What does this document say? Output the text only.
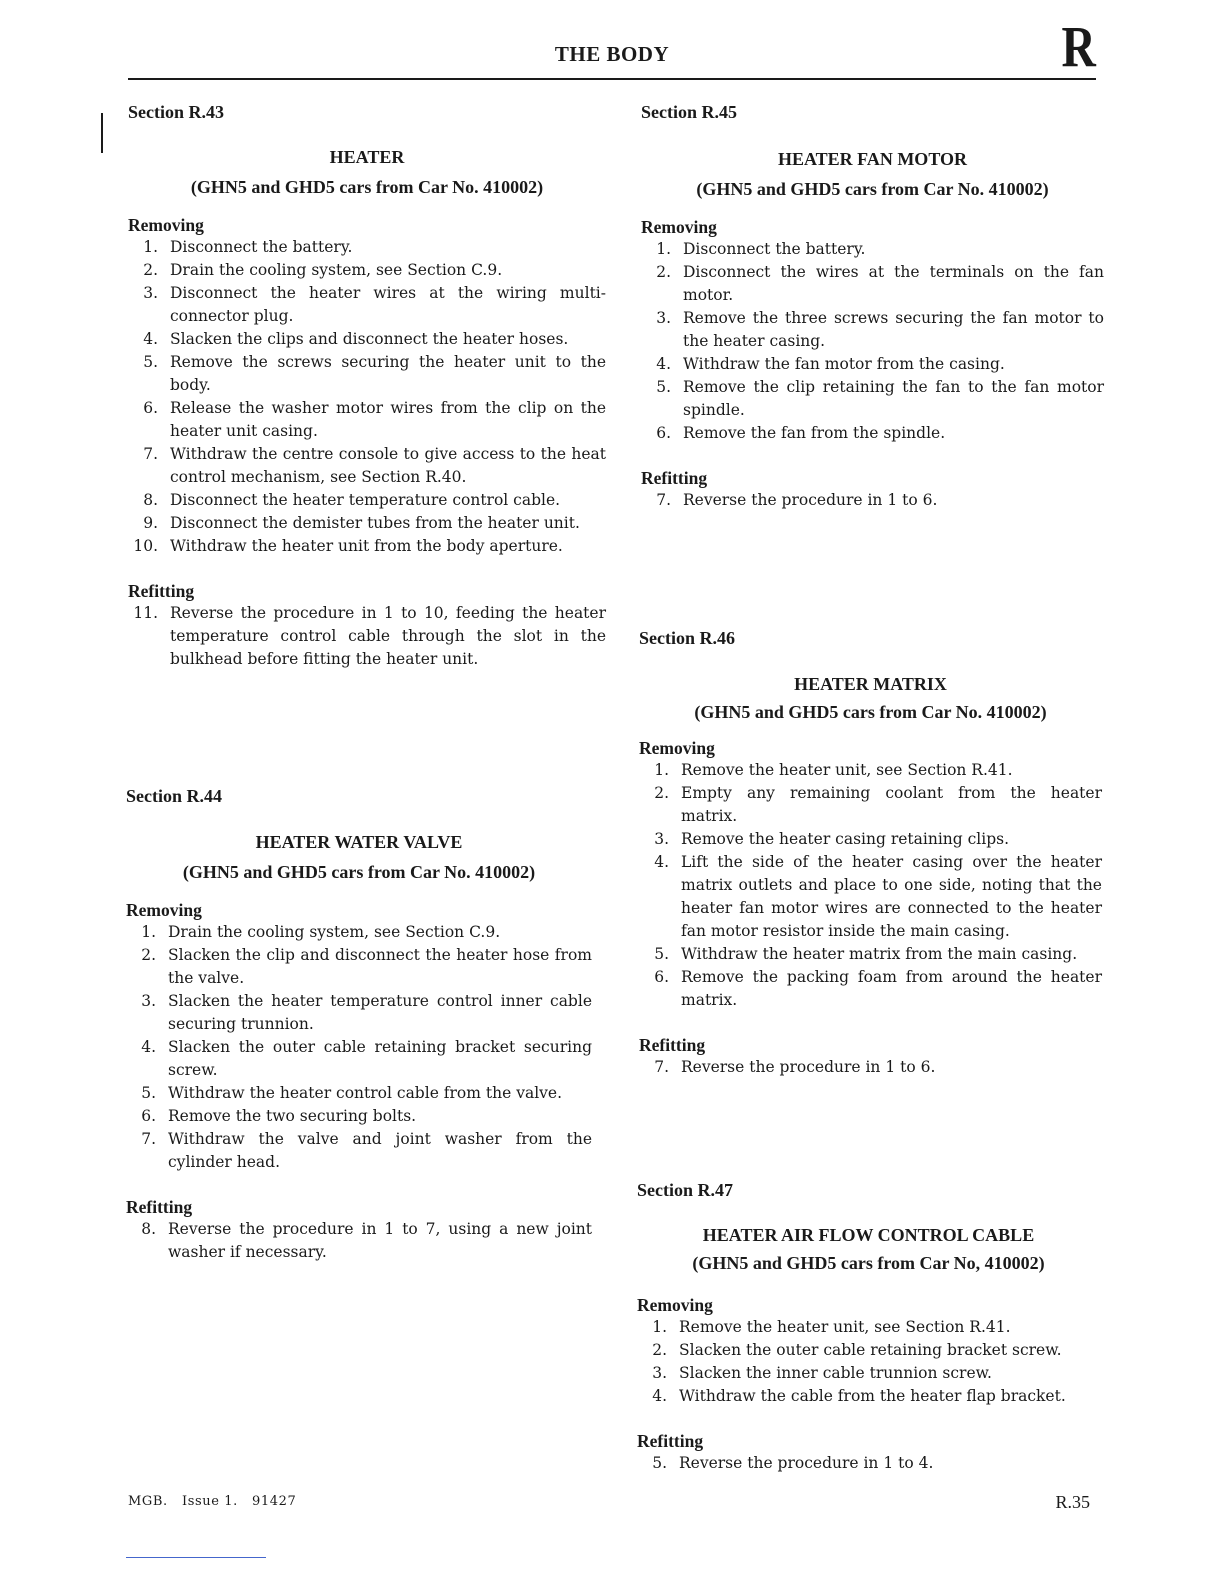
THE BODY	R
Section R.43
HEATER
(GHN5 and GHD5 cars from Car No. 410002)
Removing
1. Disconnect the battery.
2. Drain the cooling system, see Section C.9.
3. Disconnect the heater wires at the wiring multi-connector plug.
4. Slacken the clips and disconnect the heater hoses.
5. Remove the screws securing the heater unit to the body.
6. Release the washer motor wires from the clip on the heater unit casing.
7. Withdraw the centre console to give access to the heat control mechanism, see Section R.40.
8. Disconnect the heater temperature control cable.
9. Disconnect the demister tubes from the heater unit.
10. Withdraw the heater unit from the body aperture.
Refitting
11. Reverse the procedure in 1 to 10, feeding the heater temperature control cable through the slot in the bulkhead before fitting the heater unit.
Section R.44
HEATER WATER VALVE
(GHN5 and GHD5 cars from Car No. 410002)
Removing
1. Drain the cooling system, see Section C.9.
2. Slacken the clip and disconnect the heater hose from the valve.
3. Slacken the heater temperature control inner cable securing trunnion.
4. Slacken the outer cable retaining bracket securing screw.
5. Withdraw the heater control cable from the valve.
6. Remove the two securing bolts.
7. Withdraw the valve and joint washer from the cylinder head.
Refitting
8. Reverse the procedure in 1 to 7, using a new joint washer if necessary.
Section R.45
HEATER FAN MOTOR
(GHN5 and GHD5 cars from Car No. 410002)
Removing
1. Disconnect the battery.
2. Disconnect the wires at the terminals on the fan motor.
3. Remove the three screws securing the fan motor to the heater casing.
4. Withdraw the fan motor from the casing.
5. Remove the clip retaining the fan to the fan motor spindle.
6. Remove the fan from the spindle.
Refitting
7. Reverse the procedure in 1 to 6.
Section R.46
HEATER MATRIX
(GHN5 and GHD5 cars from Car No. 410002)
Removing
1. Remove the heater unit, see Section R.41.
2. Empty any remaining coolant from the heater matrix.
3. Remove the heater casing retaining clips.
4. Lift the side of the heater casing over the heater matrix outlets and place to one side, noting that the heater fan motor wires are connected to the heater fan motor resistor inside the main casing.
5. Withdraw the heater matrix from the main casing.
6. Remove the packing foam from around the heater matrix.
Refitting
7. Reverse the procedure in 1 to 6.
Section R.47
HEATER AIR FLOW CONTROL CABLE
(GHN5 and GHD5 cars from Car No, 410002)
Removing
1. Remove the heater unit, see Section R.41.
2. Slacken the outer cable retaining bracket screw.
3. Slacken the inner cable trunnion screw.
4. Withdraw the cable from the heater flap bracket.
Refitting
5. Reverse the procedure in 1 to 4.
MGB.   Issue 1.   91427	R.35
